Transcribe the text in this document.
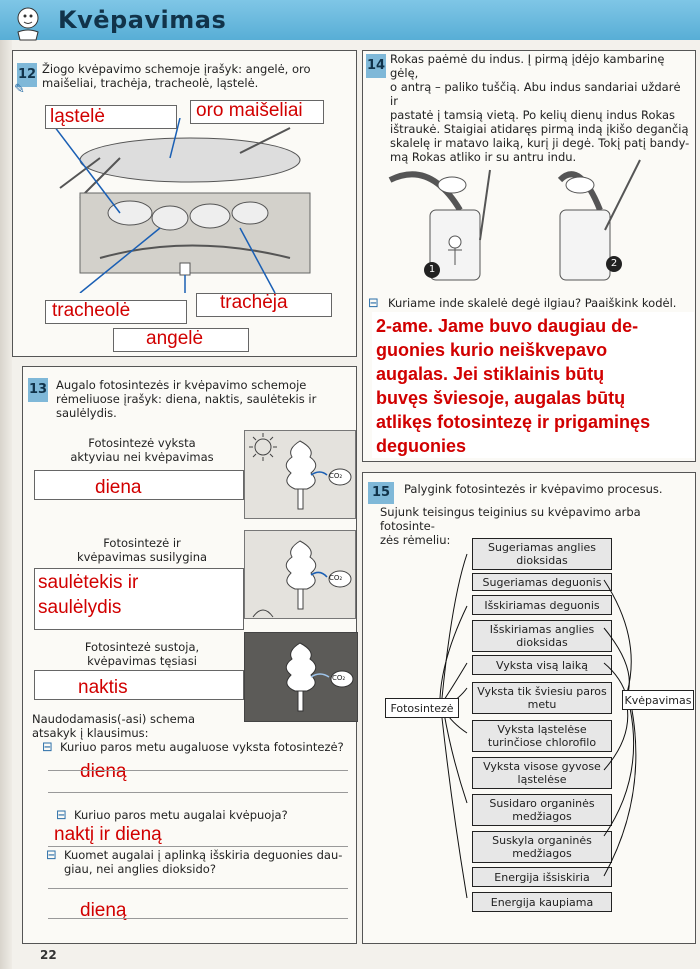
Kvėpavimas
12
✎
Žiogo kvėpavimo schemoje įrašyk: angelė, oro
maišeliai, trachėja, tracheolė, ląstelė.
ląstelė	oro maišeliai
tracheolė	trachėja
angelė
13 Augalo fotosintezės ir kvėpavimo schemoje
rėmeliuose įrašyk: diena, naktis, saulėtekis ir
saulėlydis.
Fotosintezė vyksta
aktyviau nei kvėpavimas
diena
CO₂
Fotosintezė ir
kvėpavimas susilygina
saulėtekis ir
saulėlydis
CO₂
Fotosintezė sustoja,
kvėpavimas tęsiasi
naktis	CO₂
Naudodamasis(-asi) schema
atsakyk į klausimus:
⊟ Kuriuo paros metu augaluose vyksta fotosintezė?
dieną
⊟ Kuriuo paros metu augalai kvėpuoja?
naktį ir dieną
⊟ Kuomet augalai į aplinką išskiria deguonies dau-
giau, nei anglies dioksido?
dieną
14 Rokas paėmė du indus. Į pirmą įdėjo kambarinę gėlę,
o antrą – paliko tuščią. Abu indus sandariai uždarė ir
pastatė į tamsią vietą. Po kelių dienų indus Rokas
ištraukė. Staigiai atidaręs pirmą indą įkišo degančią
skalelę ir matavo laiką, kurį ji degė. Tokį patį bandy-
mą Rokas atliko ir su antru indu.
1
2
⊟ Kuriame inde skalelė degė ilgiau? Paaiškink kodėl.
2-ame. Jame buvo daugiau de-
guonies kurio neiškvepavo
augalas. Jei stiklainis būtų
buvęs šviesoje, augalas būtų
atlikęs fotosintezę ir prigaminęs
deguonies
15	Palygink fotosintezės ir kvėpavimo procesus.
Sujunk teisingus teiginius su kvėpavimo arba fotosinte-
zės rėmeliu:
Sugeriamas anglies dioksidas
Sugeriamas deguonis
Išskiriamas deguonis
Išskiriamas anglies dioksidas
Vyksta visą laiką
Vyksta tik šviesiu paros metu
Vyksta ląstelėse turinčiose chlorofilo
Vyksta visose gyvose ląstelėse
Susidaro organinės medžiagos
Suskyla organinės medžiagos
Energija išsiskiria
Energija kaupiama
Fotosintezė
Kvėpavimas
22
